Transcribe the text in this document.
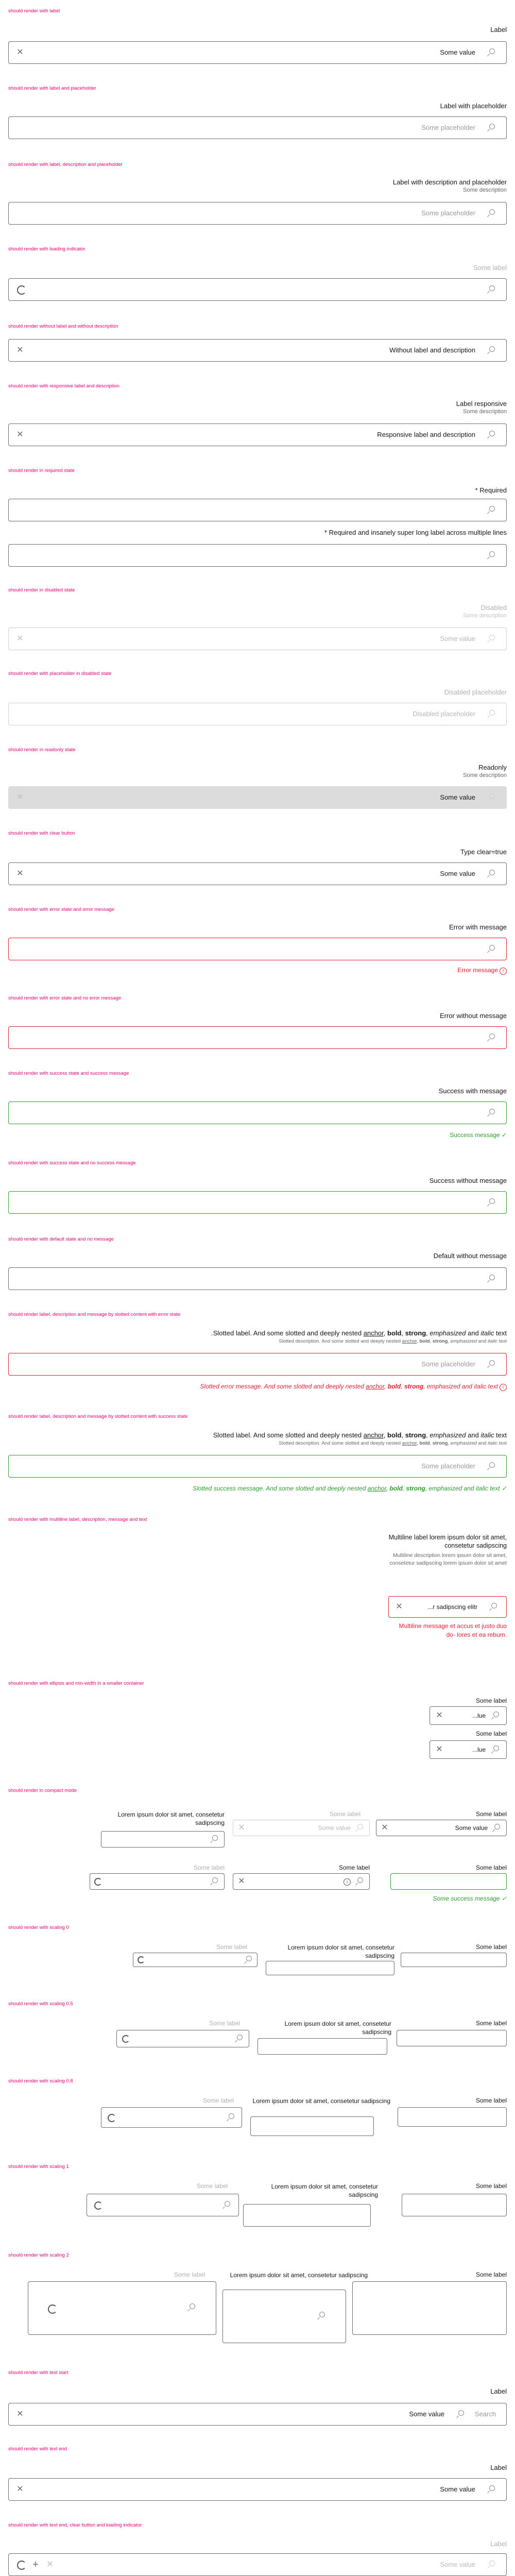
should render with label
Label
✕	Some value
should render with label and placeholder
Label with placeholder
Some placeholder
should render with label, description and placeholder
Label with description and placeholder
Some description
Some placeholder
should render with loading indicator
Some label
should render without label and without description
✕	Without label and description
should render with responsive label and description
Label responsive
Some description
✕	Responsive label and description
should render in required state
* Required
* Required and insanely super long label across multiple lines
should render in disabled state
Disabled
Some description
✕	Some value
should render with placeholder in disabled state
Disabled placeholder
Disabled placeholder
should render in readonly state
Readonly
Some description
✕	Some value
should render with clear button
Type clear=true
✕	Some value
should render with error state and error message
Error with message
Error message !
should render with error state and no error message
Error without message
should render with success state and success message
Success with message
Success message ✓
should render with success state and no success message
Success without message
should render with default state and no message
Default without message
should render label, description and message by slotted content with error state
.Slotted label. And some slotted and deeply nested anchor, bold, strong, emphasized and italic text
Slotted description. And some slotted and deeply nested anchor, bold, strong, emphasized and italic text
Some placeholder
Slotted error message. And some slotted and deeply nested anchor, bold, strong, emphasized and italic text !
should render label, description and message by slotted content with success state
Slotted label. And some slotted and deeply nested anchor, bold, strong, emphasized and italic text
Slotted description. And some slotted and deeply nested anchor, bold, strong, emphasized and italic text
Some placeholder
Slotted success message. And some slotted and deeply nested anchor, bold, strong, emphasized and italic text ✓
should render with multiline label, description, message and text
Multiline label lorem ipsum dolor sit amet, consetetur sadipscing
Multiline description lorem ipsum dolor sit amet, consetetur sadipscing lorem ipsum dolor sit amet
✕	...r sadipscing elitr
Multiline message et accus et justo duo do- lores et ea rebum.
should render with ellipsis and min-width in a smaller container
Some label
✕	...lue
Some label
✕	...lue
should render in compact mode
Lorem ipsum dolor sit amet, consetetur sadipscing
Some label
✕	Some value
Some label
✕	Some value
Some label	Some label
✕	i
Some label
Some success message ✓
should render with scaling 0
Some label	Lorem ipsum dolor sit amet, consetetur sadipscing
Some label
should render with scaling 0.5
Some label	Lorem ipsum dolor sit amet, consetetur sadipscing
Some label
should render with scaling 0.8
Some label	Lorem ipsum dolor sit amet, consetetur sadipscing	Some label
should render with scaling 1
Some label	Lorem ipsum dolor sit amet, consetetur sadipscing
Some label
should render with scaling 2
Some label	Lorem ipsum dolor sit amet, consetetur sadipscing	Some label
should render with text start
Label
✕	Some value	Search
should render with text end
Label
✕	Some value
should render with text end, clear button and loading indicator
Label
+ ✕	Some value
